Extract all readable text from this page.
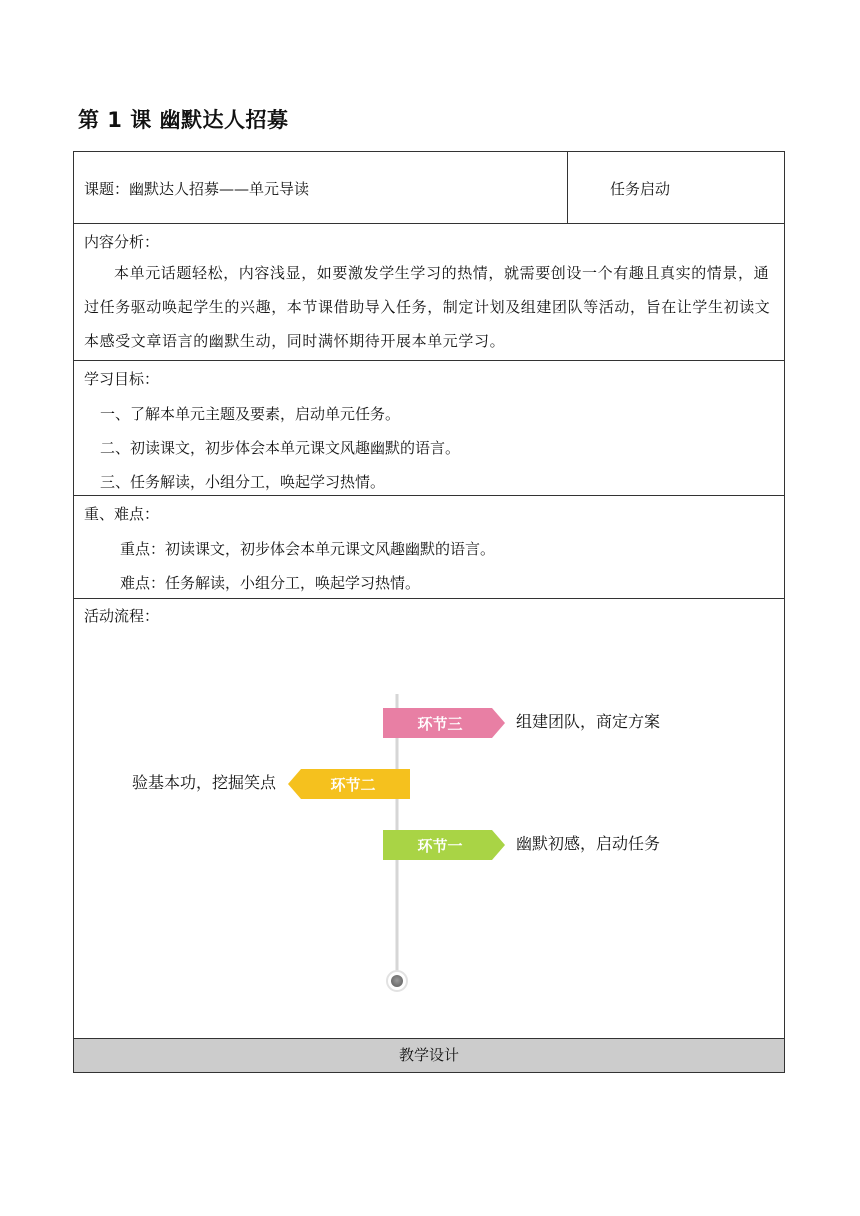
第 1 课 幽默达人招募
课题：幽默达人招募——单元导读	任务启动
内容分析：
本单元话题轻松，内容浅显，如要激发学生学习的热情，就需要创设一个有趣且真实的情景，通过任务驱动唤起学生的兴趣，本节课借助导入任务，制定计划及组建团队等活动，旨在让学生初读文本感受文章语言的幽默生动，同时满怀期待开展本单元学习。
学习目标：
一、了解本单元主题及要素，启动单元任务。
二、初读课文，初步体会本单元课文风趣幽默的语言。
三、任务解读，小组分工，唤起学习热情。
重、难点：
重点：初读课文，初步体会本单元课文风趣幽默的语言。
难点：任务解读，小组分工，唤起学习热情。
活动流程：
环节三	组建团队，商定方案
环节二
验基本功，挖掘笑点
环节一	幽默初感，启动任务
教学设计
